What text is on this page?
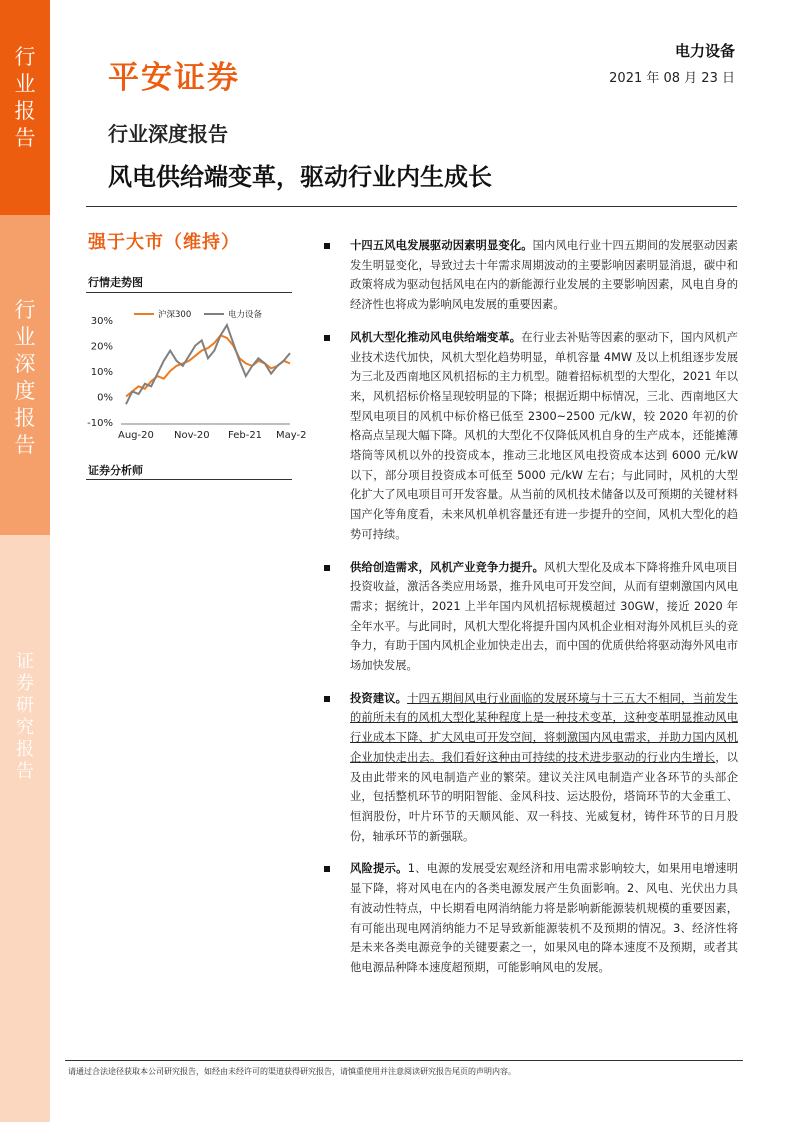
行
业
报
告
行
业
深
度
报
告
证
券
研
究
报
告
平安证券
电力设备
2021 年 08 月 23 日
行业深度报告
风电供给端变革，驱动行业内生成长
强于大市（维持）
行情走势图
30%
20%
10%
0%
-10%
Aug-20 Nov-20 Feb-21 May-2
沪深300	电力设备
证券分析师
十四五风电发展驱动因素明显变化。国内风电行业十四五期间的发展驱动因素发生明显变化，导致过去十年需求周期波动的主要影响因素明显消退，碳中和政策将成为驱动包括风电在内的新能源行业发展的主要影响因素，风电自身的经济性也将成为影响风电发展的重要因素。
风机大型化推动风电供给端变革。在行业去补贴等因素的驱动下，国内风机产业技术迭代加快，风机大型化趋势明显，单机容量 4MW 及以上机组逐步发展为三北及西南地区风机招标的主力机型。随着招标机型的大型化，2021 年以来，风机招标价格呈现较明显的下降；根据近期中标情况，三北、西南地区大型风电项目的风机中标价格已低至 2300~2500 元/kW，较 2020 年初的价格高点呈现大幅下降。风机的大型化不仅降低风机自身的生产成本，还能摊薄塔筒等风机以外的投资成本，推动三北地区风电投资成本达到 6000 元/kW 以下，部分项目投资成本可低至 5000 元/kW 左右；与此同时，风机的大型化扩大了风电项目可开发容量。从当前的风机技术储备以及可预期的关键材料国产化等角度看，未来风机单机容量还有进一步提升的空间，风机大型化的趋势可持续。
供给创造需求，风机产业竞争力提升。风机大型化及成本下降将推升风电项目投资收益，激活各类应用场景，推升风电可开发空间，从而有望刺激国内风电需求；据统计，2021 上半年国内风机招标规模超过 30GW，接近 2020 年全年水平。与此同时，风机大型化将提升国内风机企业相对海外风机巨头的竞争力，有助于国内风机企业加快走出去，而中国的优质供给将驱动海外风电市场加快发展。
投资建议。十四五期间风电行业面临的发展环境与十三五大不相同，当前发生的前所未有的风机大型化某种程度上是一种技术变革，这种变革明显推动风电行业成本下降、扩大风电可开发空间，将刺激国内风电需求，并助力国内风机企业加快走出去。我们看好这种由可持续的技术进步驱动的行业内生增长，以及由此带来的风电制造产业的繁荣。建议关注风电制造产业各环节的头部企业，包括整机环节的明阳智能、金风科技、运达股份，塔筒环节的大金重工、恒润股份，叶片环节的天顺风能、双一科技、光威复材，铸件环节的日月股份，轴承环节的新强联。
风险提示。1、电源的发展受宏观经济和用电需求影响较大，如果用电增速明显下降，将对风电在内的各类电源发展产生负面影响。2、风电、光伏出力具有波动性特点，中长期看电网消纳能力将是影响新能源装机规模的重要因素，有可能出现电网消纳能力不足导致新能源装机不及预期的情况。3、经济性将是未来各类电源竞争的关键要素之一，如果风电的降本速度不及预期，或者其他电源品种降本速度超预期，可能影响风电的发展。
请通过合法途径获取本公司研究报告，如经由未经许可的渠道获得研究报告，请慎重使用并注意阅读研究报告尾页的声明内容。
